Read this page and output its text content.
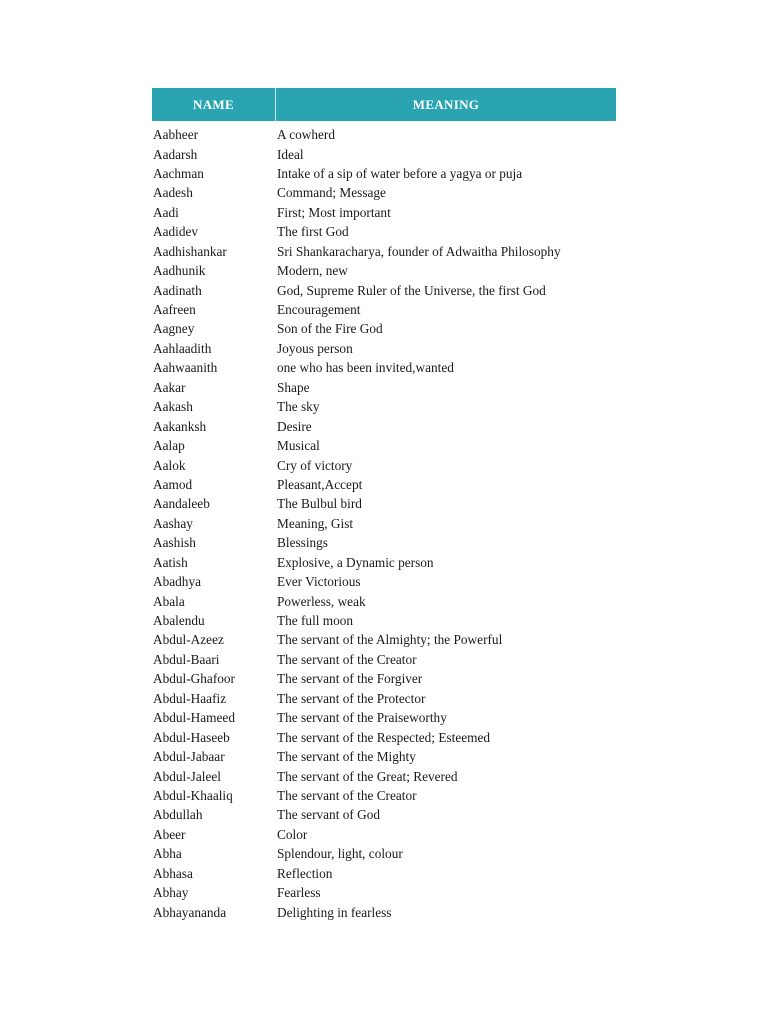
NAME	MEANING
Aabheer	A cowherd
Aadarsh	Ideal
Aachman	Intake of a sip of water before a yagya or puja
Aadesh	Command; Message
Aadi	First; Most important
Aadidev	The first God
Aadhishankar	Sri Shankaracharya, founder of Adwaitha Philosophy
Aadhunik	Modern, new
Aadinath	God, Supreme Ruler of the Universe, the first God
Aafreen	Encouragement
Aagney	Son of the Fire God
Aahlaadith	Joyous person
Aahwaanith	one who has been invited,wanted
Aakar	Shape
Aakash	The sky
Aakanksh	Desire
Aalap	Musical
Aalok	Cry of victory
Aamod	Pleasant,Accept
Aandaleeb	The Bulbul bird
Aashay	Meaning, Gist
Aashish	Blessings
Aatish	Explosive, a Dynamic person
Abadhya	Ever Victorious
Abala	Powerless, weak
Abalendu	The full moon
Abdul-Azeez	The servant of the Almighty; the Powerful
Abdul-Baari	The servant of the Creator
Abdul-Ghafoor	The servant of the Forgiver
Abdul-Haafiz	The servant of the Protector
Abdul-Hameed	The servant of the Praiseworthy
Abdul-Haseeb	The servant of the Respected; Esteemed
Abdul-Jabaar	The servant of the Mighty
Abdul-Jaleel	The servant of the Great; Revered
Abdul-Khaaliq	The servant of the Creator
Abdullah	The servant of God
Abeer	Color
Abha	Splendour, light, colour
Abhasa	Reflection
Abhay	Fearless
Abhayananda	Delighting in fearless
